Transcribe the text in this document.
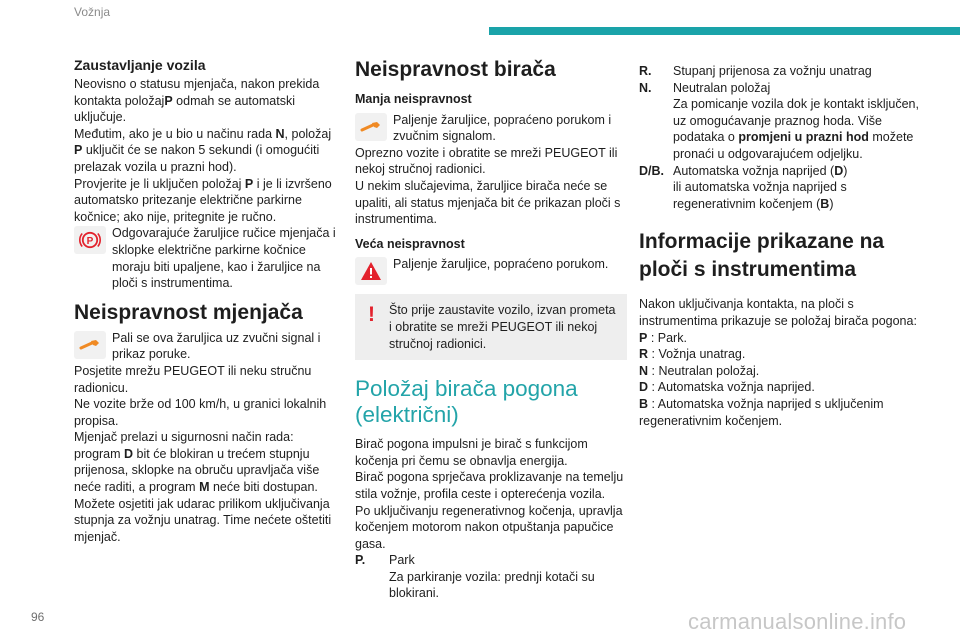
Vožnja

Zaustavljanje vozila

Neovisno o statusu mjenjača, nakon prekida kontakta položajP odmah se automatski uključuje.

Međutim, ako je u bio u načinu rada N, položaj P uključit će se nakon 5 sekundi (i omogućiti prelazak vozila u prazni hod).

Provjerite je li uključen položaj P i je li izvršeno automatsko pritezanje električne parkirne kočnice; ako nije, pritegnite je ručno.

P
Odgovarajuće žaruljice ručice mjenjača i sklopke električne parkirne kočnice moraju biti upaljene, kao i žaruljice na ploči s instrumentima.

Neispravnost mjenjača

Pali se ova žaruljica uz zvučni signal i prikaz poruke.

Posjetite mrežu PEUGEOT ili neku stručnu radionicu.

Ne vozite brže od 100 km/h, u granici lokalnih propisa.

Mjenjač prelazi u sigurnosni način rada: program D bit će blokiran u trećem stupnju prijenosa, sklopke na obruču upravljača više neće raditi, a program M neće biti dostupan. Možete osjetiti jak udarac prilikom uključivanja stupnja za vožnju unatrag. Time nećete oštetiti mjenjač.

Neispravnost birača

Manja neispravnost

Paljenje žaruljice, popraćeno porukom i zvučnim signalom.

Oprezno vozite i obratite se mreži PEUGEOT ili nekoj stručnoj radionici.

U nekim slučajevima, žaruljice birača neće se upaliti, ali status mjenjača bit će prikazan ploči s instrumentima.

Veća neispravnost

Paljenje žaruljice, popraćeno porukom.
! Što prije zaustavite vozilo, izvan prometa i obratite se mreži PEUGEOT ili nekoj stručnoj radionici.

Položaj birača pogona (električni)

Birač pogona impulsni je birač s funkcijom kočenja pri čemu se obnavlja energija.

Birač pogona sprječava proklizavanje na temelju stila vožnje, profila ceste i opterećenja vozila.

Po uključivanju regenerativnog kočenja, upravlja kočenjem motorom nakon otpuštanja papučice gasa.

P.	Park
Za parkiranje vozila: prednji kotači su blokirani.
R.	Stupanj prijenosa za vožnju unatrag
N.	Neutralan položaj
Za pomicanje vozila dok je kontakt isključen, uz omogućavanje praznog hoda. Više podataka o promjeni u prazni hod možete pronaći u odgovarajućem odjeljku.
D/B. Automatska vožnja naprijed (D)
ili automatska vožnja naprijed s regenerativnim kočenjem (B)

Informacije prikazane na ploči s instrumentima

Nakon uključivanja kontakta, na ploči s instrumentima prikazuje se položaj birača pogona:

P : Park.

R : Vožnja unatrag.

N : Neutralan položaj.

D : Automatska vožnja naprijed.

B : Automatska vožnja naprijed s uključenim regenerativnim kočenjem.

96	carmanualsonline.info
